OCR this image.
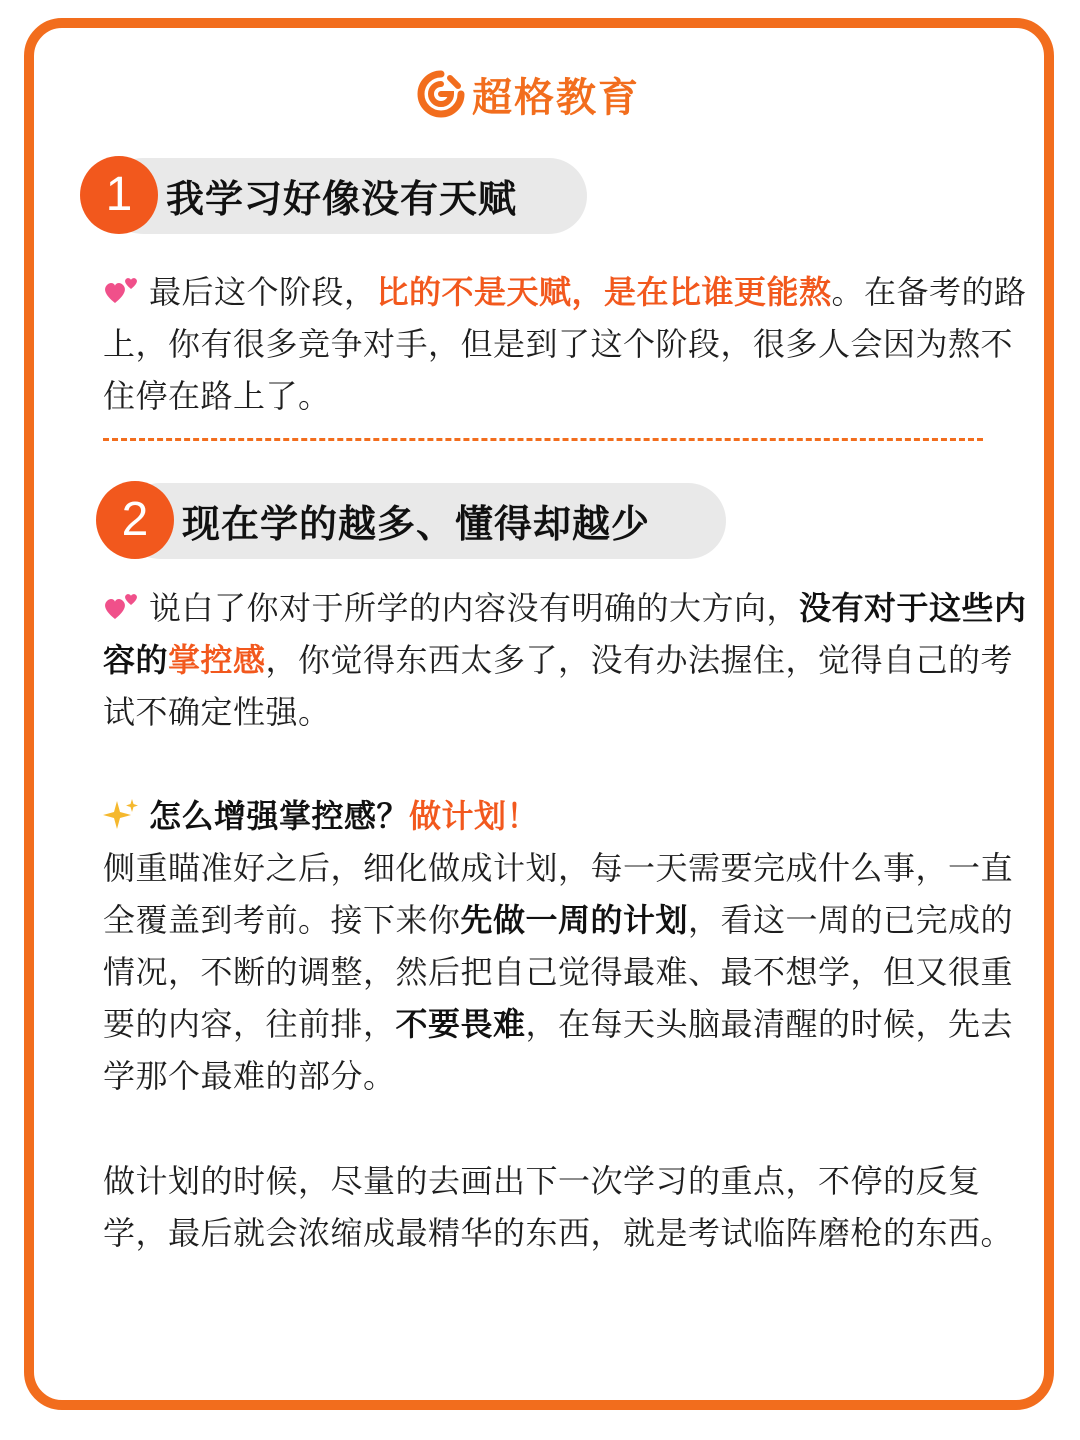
超格教育
1 我学习好像没有天赋
最后这个阶段，比的不是天赋，是在比谁更能熬。在备考的路上，你有很多竞争对手，但是到了这个阶段，很多人会因为熬不住停在路上了。
2 现在学的越多、懂得却越少
说白了你对于所学的内容没有明确的大方向，没有对于这些内容的掌控感，你觉得东西太多了，没有办法握住，觉得自己的考试不确定性强。
怎么增强掌控感？做计划！
侧重瞄准好之后，细化做成计划，每一天需要完成什么事，一直全覆盖到考前。接下来你先做一周的计划，看这一周的已完成的情况，不断的调整，然后把自己觉得最难、最不想学，但又很重要的内容，往前排，不要畏难，在每天头脑最清醒的时候，先去学那个最难的部分。
做计划的时候，尽量的去画出下一次学习的重点，不停的反复学，最后就会浓缩成最精华的东西，就是考试临阵磨枪的东西。
